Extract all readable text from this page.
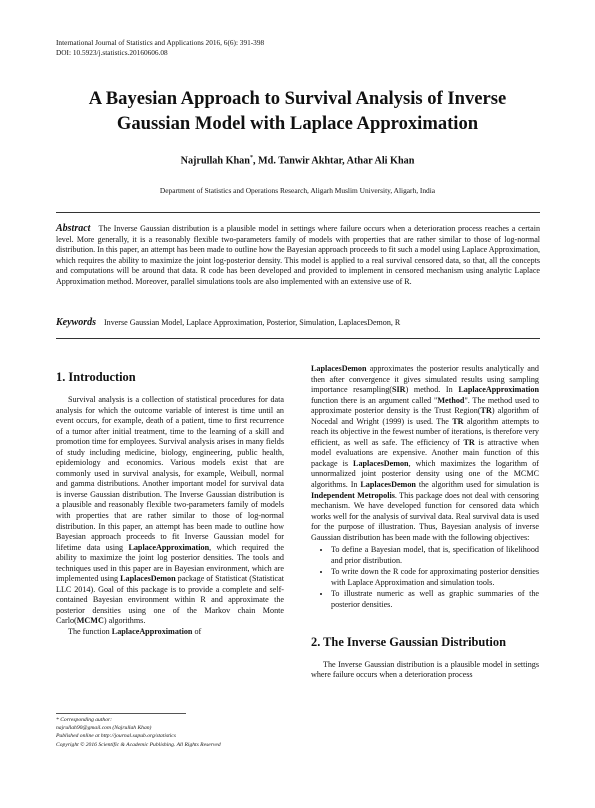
International Journal of Statistics and Applications 2016, 6(6): 391-398
DOI: 10.5923/j.statistics.20160606.08
A Bayesian Approach to Survival Analysis of Inverse
Gaussian Model with Laplace Approximation
Najrullah Khan*, Md. Tanwir Akhtar, Athar Ali Khan
Department of Statistics and Operations Research, Aligarh Muslim University, Aligarh, India
Abstract The Inverse Gaussian distribution is a plausible model in settings where failure occurs when a deterioration process reaches a certain level. More generally, it is a reasonably flexible two-parameters family of models with properties that are rather similar to those of log-normal distribution. In this paper, an attempt has been made to outline how the Bayesian approach proceeds to fit such a model using Laplace Approximation, which requires the ability to maximize the joint log-posterior density. This model is applied to a real survival censored data, so that, all the concepts and computations will be around that data. R code has been developed and provided to implement in censored mechanism using analytic Laplace Approximation method. Moreover, parallel simulations tools are also implemented with an extensive use of R.
Keywords Inverse Gaussian Model, Laplace Approximation, Posterior, Simulation, LaplacesDemon, R
1. Introduction

Survival analysis is a collection of statistical procedures for data analysis for which the outcome variable of interest is time until an event occurs, for example, death of a patient, time to first recurrence of a tumor after initial treatment, time to the learning of a skill and promotion time for employees. Survival analysis arises in many fields of study including medicine, biology, engineering, public health, epidemiology and economics. Various models exist that are commonly used in survival analysis, for example, Weibull, normal and gamma distributions. Another important model for survival data is inverse Gaussian distribution. The Inverse Gaussian distribution is a plausible and reasonably flexible two-parameters family of models with properties that are rather similar to those of log-normal distribution. In this paper, an attempt has been made to outline how Bayesian approach proceeds to fit Inverse Gaussian model for lifetime data using LaplaceApproximation, which required the ability to maximize the joint log posterior densities. The tools and techniques used in this paper are in Bayesian environment, which are implemented using LaplacesDemon package of Statisticat (Statisticat LLC 2014). Goal of this package is to provide a complete and self-contained Bayesian environment within R and approximate the posterior densities using one of the Markov chain Monte Carlo(MCMC) algorithms.

The function LaplaceApproximation of

LaplacesDemon approximates the posterior results analytically and then after convergence it gives simulated results using sampling importance resampling(SIR) method. In LaplaceApproximation function there is an argument called "Method". The method used to approximate posterior density is the Trust Region(TR) algorithm of Nocedal and Wright (1999) is used. The TR algorithm attempts to reach its objective in the fewest number of iterations, is therefore very efficient, as well as safe. The efficiency of TR is attractive when model evaluations are expensive. Another main function of this package is LaplacesDemon, which maximizes the logarithm of unnormalized joint posterior density using one of the MCMC algorithms. In LaplacesDemon the algorithm used for simulation is Independent Metropolis. This package does not deal with censoring mechanism. We have developed function for censored data which works well for the analysis of survival data. Real survival data is used for the purpose of illustration. Thus, Bayesian analysis of inverse Gaussian distribution has been made with the following objectives:

• To define a Bayesian model, that is, specification of likelihood and prior distribution.
• To write down the R code for approximating posterior densities with Laplace Approximation and simulation tools.
• To illustrate numeric as well as graphic summaries of the posterior densities.
2. The Inverse Gaussian Distribution

The Inverse Gaussian distribution is a plausible model in settings where failure occurs when a deterioration process

* Corresponding author:
najrullah90@gmail.com (Najrullah Khan)
Published online at http://journal.sapub.org/statistics
Copyright © 2016 Scientific & Academic Publishing. All Rights Reserved
